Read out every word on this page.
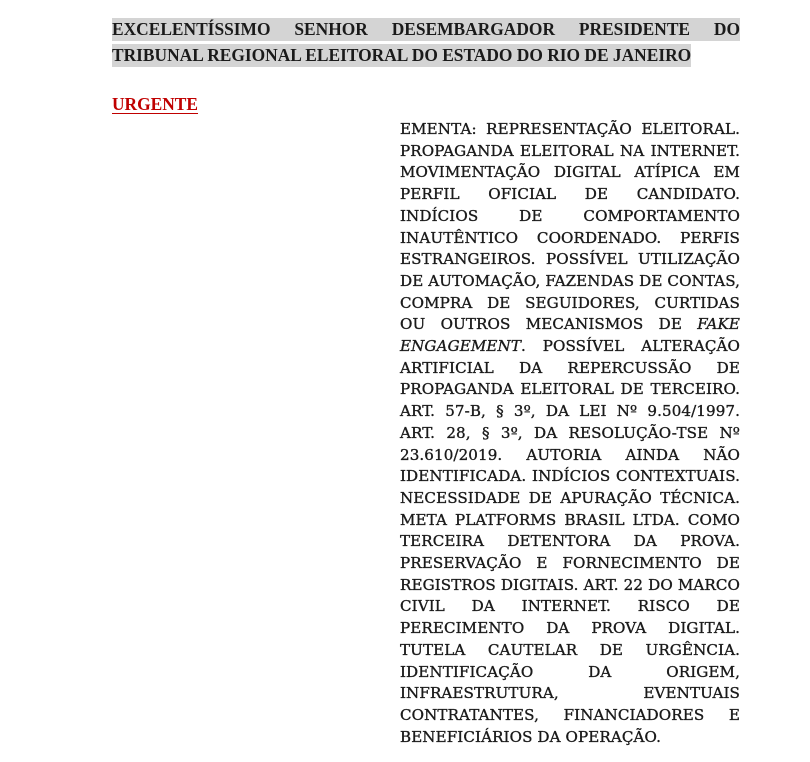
EXCELENTÍSSIMO SENHOR DESEMBARGADOR PRESIDENTE DO TRIBUNAL REGIONAL ELEITORAL DO ESTADO DO RIO DE JANEIRO

URGENTE

EMENTA: REPRESENTAÇÃO ELEITORAL. PROPAGANDA ELEITORAL NA INTERNET. MOVIMENTAÇÃO DIGITAL ATÍPICA EM PERFIL OFICIAL DE CANDIDATO. INDÍCIOS DE COMPORTAMENTO INAUTÊNTICO COORDENADO. PERFIS ESTRANGEIROS. POSSÍVEL UTILIZAÇÃO DE AUTOMAÇÃO, FAZENDAS DE CONTAS, COMPRA DE SEGUIDORES, CURTIDAS OU OUTROS MECANISMOS DE FAKE ENGAGEMENT. POSSÍVEL ALTERAÇÃO ARTIFICIAL DA REPERCUSSÃO DE PROPAGANDA ELEITORAL DE TERCEIRO. ART. 57-B, § 3º, DA LEI Nº 9.504/1997. ART. 28, § 3º, DA RESOLUÇÃO-TSE Nº 23.610/2019. AUTORIA AINDA NÃO IDENTIFICADA. INDÍCIOS CONTEXTUAIS. NECESSIDADE DE APURAÇÃO TÉCNICA. META PLATFORMS BRASIL LTDA. COMO TERCEIRA DETENTORA DA PROVA. PRESERVAÇÃO E FORNECIMENTO DE REGISTROS DIGITAIS. ART. 22 DO MARCO CIVIL DA INTERNET. RISCO DE PERECIMENTO DA PROVA DIGITAL. TUTELA CAUTELAR DE URGÊNCIA. IDENTIFICAÇÃO DA ORIGEM, INFRAESTRUTURA, EVENTUAIS CONTRATANTES, FINANCIADORES E BENEFICIÁRIOS DA OPERAÇÃO.
